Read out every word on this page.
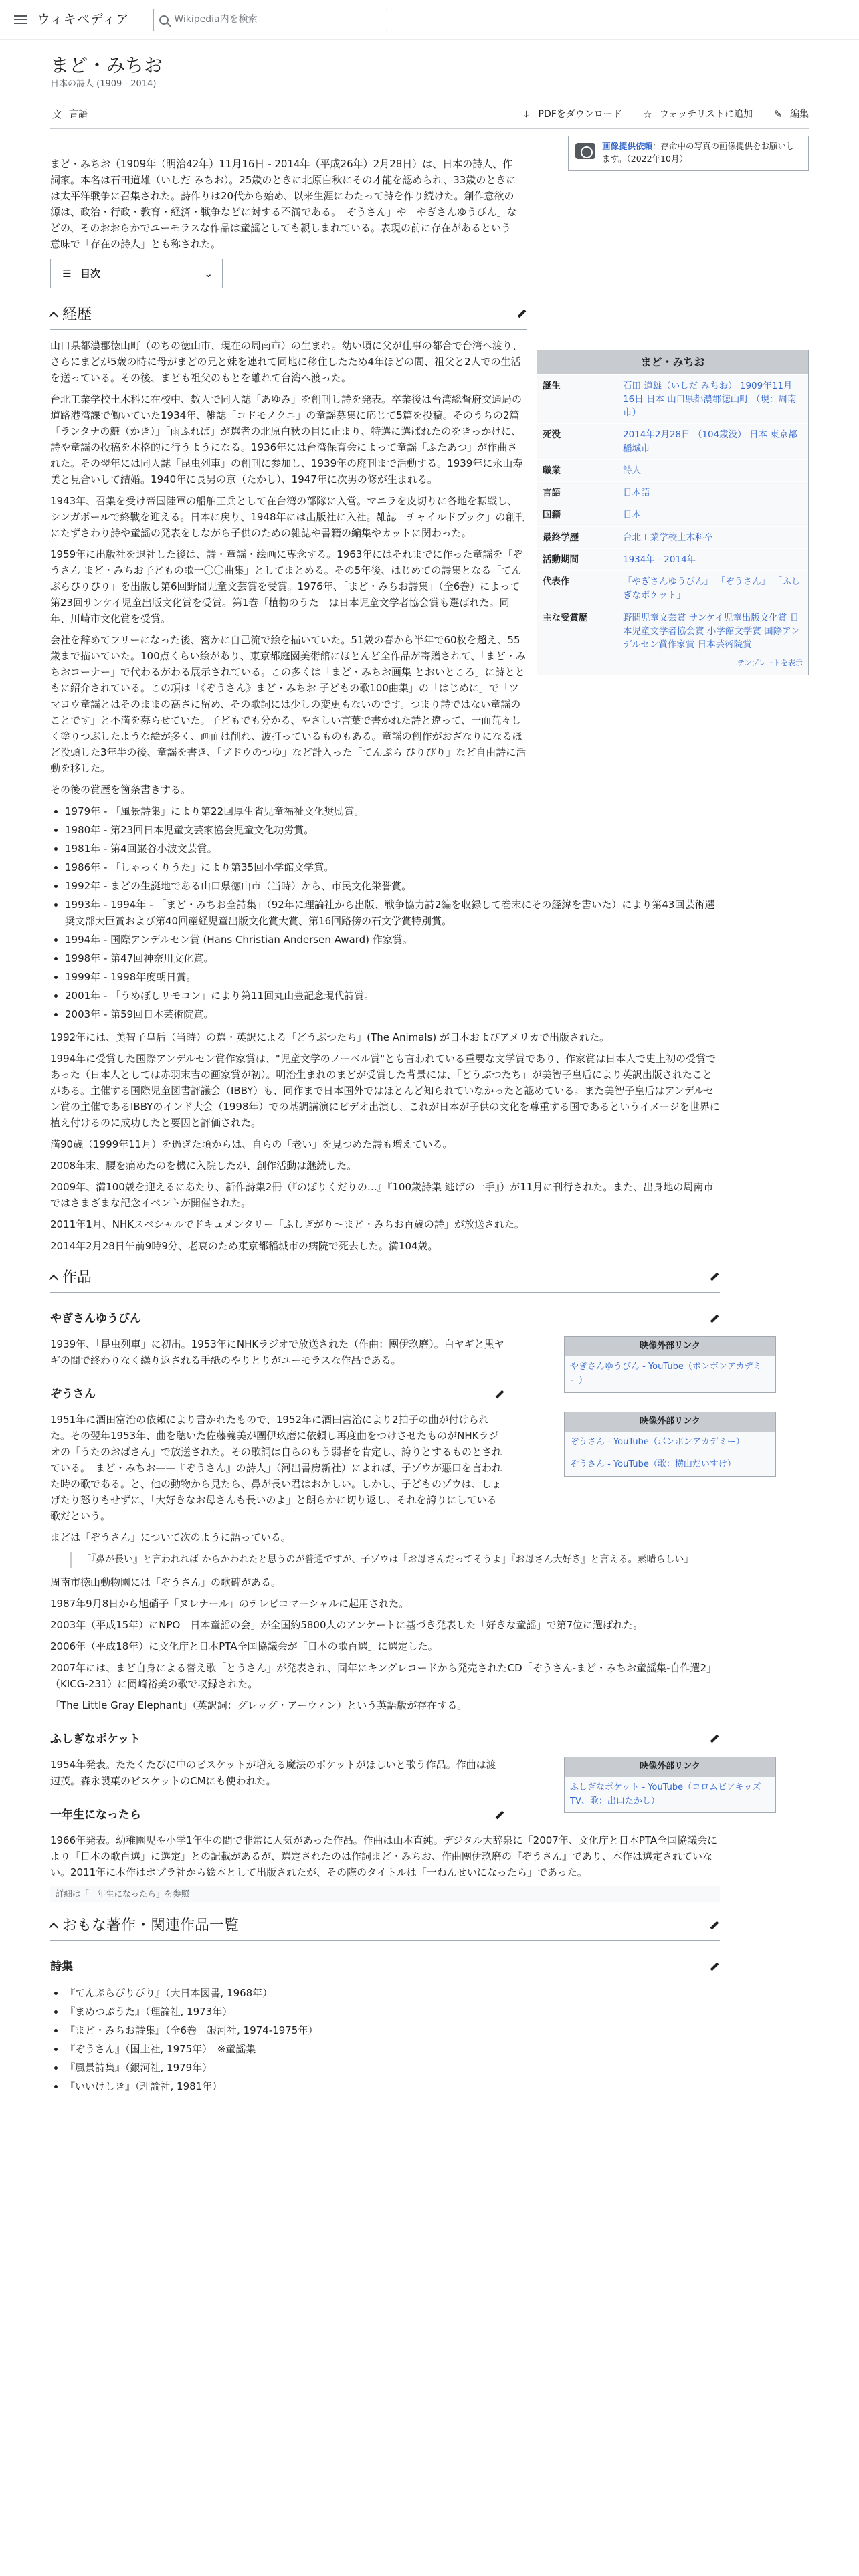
ウィキペディア	Wikipedia内を検索
まど・みちお
日本の詩人 (1909 - 2014)
文 言語	⤓	PDFをダウンロード ☆ ウォッチリストに追加 ✎ 編集
画像提供依頼：存命中の写真の画像提供をお願いします。（2022年10月）

まど・みちお（1909年（明治42年）11月16日 - 2014年（平成26年）2月28日）は、日本の詩人、作詞家。本名は石田道雄（いしだ みちお）。25歳のときに北原白秋にその才能を認められ、33歳のときには太平洋戦争に召集された。詩作りは20代から始め、以来生涯にわたって詩を作り続けた。創作意欲の源は、政治・行政・教育・経済・戦争などに対する不満である。「ぞうさん」や「やぎさんゆうびん」などの、そのおおらかでユーモラスな作品は童謡としても親しまれている。表現の前に存在があるという意味で「存在の詩人」とも称された。

まど・みちお
誕生	石田 道雄（いしだ みちお） 1909年11月16日 日本 山口県都濃郡徳山町 （現：周南市）
死没	2014年2月28日 （104歳没） 日本 東京都稲城市
職業	詩人
言語	日本語
国籍	日本
最終学歴	台北工業学校土木科卒
活動期間	1934年 - 2014年
代表作	「やぎさんゆうびん」 「ぞうさん」 「ふしぎなポケット」
主な受賞歴	野間児童文芸賞 サンケイ児童出版文化賞 日本児童文学者協会賞 小学館文学賞 国際アンデルセン賞作家賞 日本芸術院賞
テンプレートを表示
☰ 目次	⌄
経歴

山口県都濃郡徳山町（のちの徳山市、現在の周南市）の生まれ。幼い頃に父が仕事の都合で台湾へ渡り、さらにまどが5歳の時に母がまどの兄と妹を連れて同地に移住したため4年ほどの間、祖父と2人での生活を送っている。その後、まども祖父のもとを離れて台湾へ渡った。

台北工業学校土木科に在校中、数人で同人誌「あゆみ」を創刊し詩を発表。卒業後は台湾総督府交通局の道路港湾課で働いていた1934年、雑誌「コドモノクニ」の童謡募集に応じて5篇を投稿。そのうちの2篇「ランタナの籬（かき）」「雨ふれば」が選者の北原白秋の目に止まり、特選に選ばれたのをきっかけに、詩や童謡の投稿を本格的に行うようになる。1936年には台湾保育会によって童謡「ふたあつ」が作曲された。その翌年には同人誌「昆虫列車」の創刊に参加し、1939年の廃刊まで活動する。1939年に永山寿美と見合いして結婚。1940年に長男の京（たかし）、1947年に次男の修が生まれる。

1943年、召集を受け帝国陸軍の船舶工兵として在台湾の部隊に入営。マニラを皮切りに各地を転戦し、シンガポールで終戦を迎える。日本に戻り、1948年には出版社に入社。雑誌「チャイルドブック」の創刊にたずさわり詩や童謡の発表をしながら子供のための雑誌や書籍の編集やカットに関わった。

1959年に出版社を退社した後は、詩・童謡・絵画に専念する。1963年にはそれまでに作った童謡を「ぞうさん まど・みちお子どもの歌一〇〇曲集」としてまとめる。その5年後、はじめての詩集となる「てんぷらぴりぴり」を出版し第6回野間児童文芸賞を受賞。1976年、「まど・みちお詩集」（全6巻）によって第23回サンケイ児童出版文化賞を受賞。第1巻「植物のうた」は日本児童文学者協会賞も選ばれた。同年、川崎市文化賞を受賞。

会社を辞めてフリーになった後、密かに自己流で絵を描いていた。51歳の春から半年で60枚を超え、55歳まで描いていた。100点くらい絵があり、東京都庭園美術館にほとんど全作品が寄贈されて、「まど・みちおコーナー」で代わるがわる展示されている。この多くは「まど・みちお画集 とおいところ」に詩とともに紹介されている。この項は「《ぞうさん》まど・みちお 子どもの歌100曲集」の「はじめに」で「ツマヨウ童謡とはそのままの高さに留め、その歌詞には少しの変更もないのです。つまり詩ではない童謡のことです」と不満を募らせていた。子どもでも分かる、やさしい言葉で書かれた詩と違って、一面荒々しく塗りつぶしたような絵が多く、画面は削れ、波打っているものもある。童謡の創作がおざなりになるほど没頭した3年半の後、童謡を書き、「ブドウのつゆ」など計入った「てんぷら ぴりぴり」など自由詩に活動を移した。

その後の賞歴を箇条書きする。

• 1979年 - 「風景詩集」により第22回厚生省児童福祉文化奨励賞。
• 1980年 - 第23回日本児童文芸家協会児童文化功労賞。
• 1981年 - 第4回巌谷小波文芸賞。
• 1986年 - 「しゃっくりうた」により第35回小学館文学賞。
• 1992年 - まどの生誕地である山口県徳山市（当時）から、市民文化栄誉賞。
• 1993年 - 1994年 - 「まど・みちお全詩集」（92年に理論社から出版、戦争協力詩2編を収録して巻末にその経緯を書いた）により第43回芸術選奨文部大臣賞および第40回産経児童出版文化賞大賞、第16回路傍の石文学賞特別賞。
• 1994年 - 国際アンデルセン賞 (Hans Christian Andersen Award) 作家賞。
• 1998年 - 第47回神奈川文化賞。
• 1999年 - 1998年度朝日賞。
• 2001年 - 「うめぼしリモコン」により第11回丸山豊記念現代詩賞。
• 2003年 - 第59回日本芸術院賞。

1992年には、美智子皇后（当時）の選・英訳による「どうぶつたち」(The Animals) が日本およびアメリカで出版された。

1994年に受賞した国際アンデルセン賞作家賞は、"児童文学のノーベル賞"とも言われている重要な文学賞であり、作家賞は日本人で史上初の受賞であった（日本人としては赤羽末吉の画家賞が初）。明治生まれのまどが受賞した背景には、「どうぶつたち」が美智子皇后により英訳出版されたことがある。主催する国際児童図書評議会（IBBY）も、同作まで日本国外ではほとんど知られていなかったと認めている。また美智子皇后はアンデルセン賞の主催であるIBBYのインド大会（1998年）での基調講演にビデオ出演し、これが日本が子供の文化を尊重する国であるというイメージを世界に植え付けるのに成功したと要因と評価された。

満90歳（1999年11月）を過ぎた頃からは、自らの「老い」を見つめた詩も増えている。

2008年末、腰を痛めたのを機に入院したが、創作活動は継続した。

2009年、満100歳を迎えるにあたり、新作詩集2冊（『のぼりくだりの…』『100歳詩集 逃げの一手』）が11月に刊行された。また、出身地の周南市ではさまざまな記念イベントが開催された。

2011年1月、NHKスペシャルでドキュメンタリー「ふしぎがり〜まど・みちお百歳の詩」が放送された。

2014年2月28日午前9時9分、老衰のため東京都稲城市の病院で死去した。満104歳。

作品
やぎさんゆうびん
映像外部リンク
やぎさんゆうびん - YouTube（ボンボンアカデミー）

1939年、「昆虫列車」に初出。1953年にNHKラジオで放送された（作曲：團伊玖磨）。白ヤギと黒ヤギの間で終わりなく繰り返される手紙のやりとりがユーモラスな作品である。

ぞうさん
映像外部リンク
ぞうさん - YouTube（ボンボンアカデミー）
ぞうさん - YouTube（歌：横山だいすけ）

1951年に酒田富治の依頼により書かれたもので、1952年に酒田富治により2拍子の曲が付けられた。その翌年1953年、曲を聴いた佐藤義美が團伊玖磨に依頼し再度曲をつけさせたものがNHKラジオの「うたのおばさん」で放送された。その歌詞は自らのもう弱者を肯定し、誇りとするものとされている。「まど・みちお——『ぞうさん』の詩人」（河出書房新社）によれば、子ゾウが悪口を言われた時の歌である。と、他の動物から見たら、鼻が長い君はおかしい。しかし、子どものゾウは、しょげたり怒りもせずに、「大好きなお母さんも長いのよ」と朗らかに切り返し、それを誇りにしている歌だという。

まどは「ぞうさん」について次のように語っている。

「『鼻が長い』と言われれば からかわれたと思うのが普通ですが、子ゾウは『お母さんだってそうよ』『お母さん大好き』と言える。素晴らしい」

周南市徳山動物園には「ぞうさん」の歌碑がある。

1987年9月8日から旭硝子「ヌレナール」のテレビコマーシャルに起用された。

2003年（平成15年）にNPO「日本童謡の会」が全国約5800人のアンケートに基づき発表した「好きな童謡」で第7位に選ばれた。

2006年（平成18年）に文化庁と日本PTA全国協議会が「日本の歌百選」に選定した。

2007年には、まど自身による替え歌「とうさん」が発表され、同年にキングレコードから発売されたCD「ぞうさん-まど・みちお童謡集-自作選2」（KICG-231）に岡崎裕美の歌で収録された。

「The Little Gray Elephant」（英訳詞：グレッグ・アーウィン）という英語版が存在する。

ふしぎなポケット
映像外部リンク
ふしぎなポケット - YouTube（コロムビアキッズTV、歌：出口たかし）

1954年発表。たたくたびに中のビスケットが増える魔法のポケットがほしいと歌う作品。作曲は渡辺茂。森永製菓のビスケットのCMにも使われた。

一年生になったら

1966年発表。幼稚園児や小学1年生の間で非常に人気があった作品。作曲は山本直純。デジタル大辞泉に「2007年、文化庁と日本PTA全国協議会により「日本の歌百選」に選定」との記載があるが、選定されたのは作詞まど・みちお、作曲團伊玖磨の『ぞうさん』であり、本作は選定されていない。2011年に本作はポプラ社から絵本として出版されたが、その際のタイトルは「一ねんせいになったら」であった。

詳細は「一年生になったら」を参照
おもな著作・関連作品一覧
詩集
• 『てんぷらぴりぴり』（大日本図書, 1968年）
• 『まめつぶうた』（理論社, 1973年）
• 『まど・みちお詩集』（全6巻　銀河社, 1974-1975年）
• 『ぞうさん』（国土社, 1975年）　※童謡集
• 『風景詩集』（銀河社, 1979年）
• 『いいけしき』（理論社, 1981年）
